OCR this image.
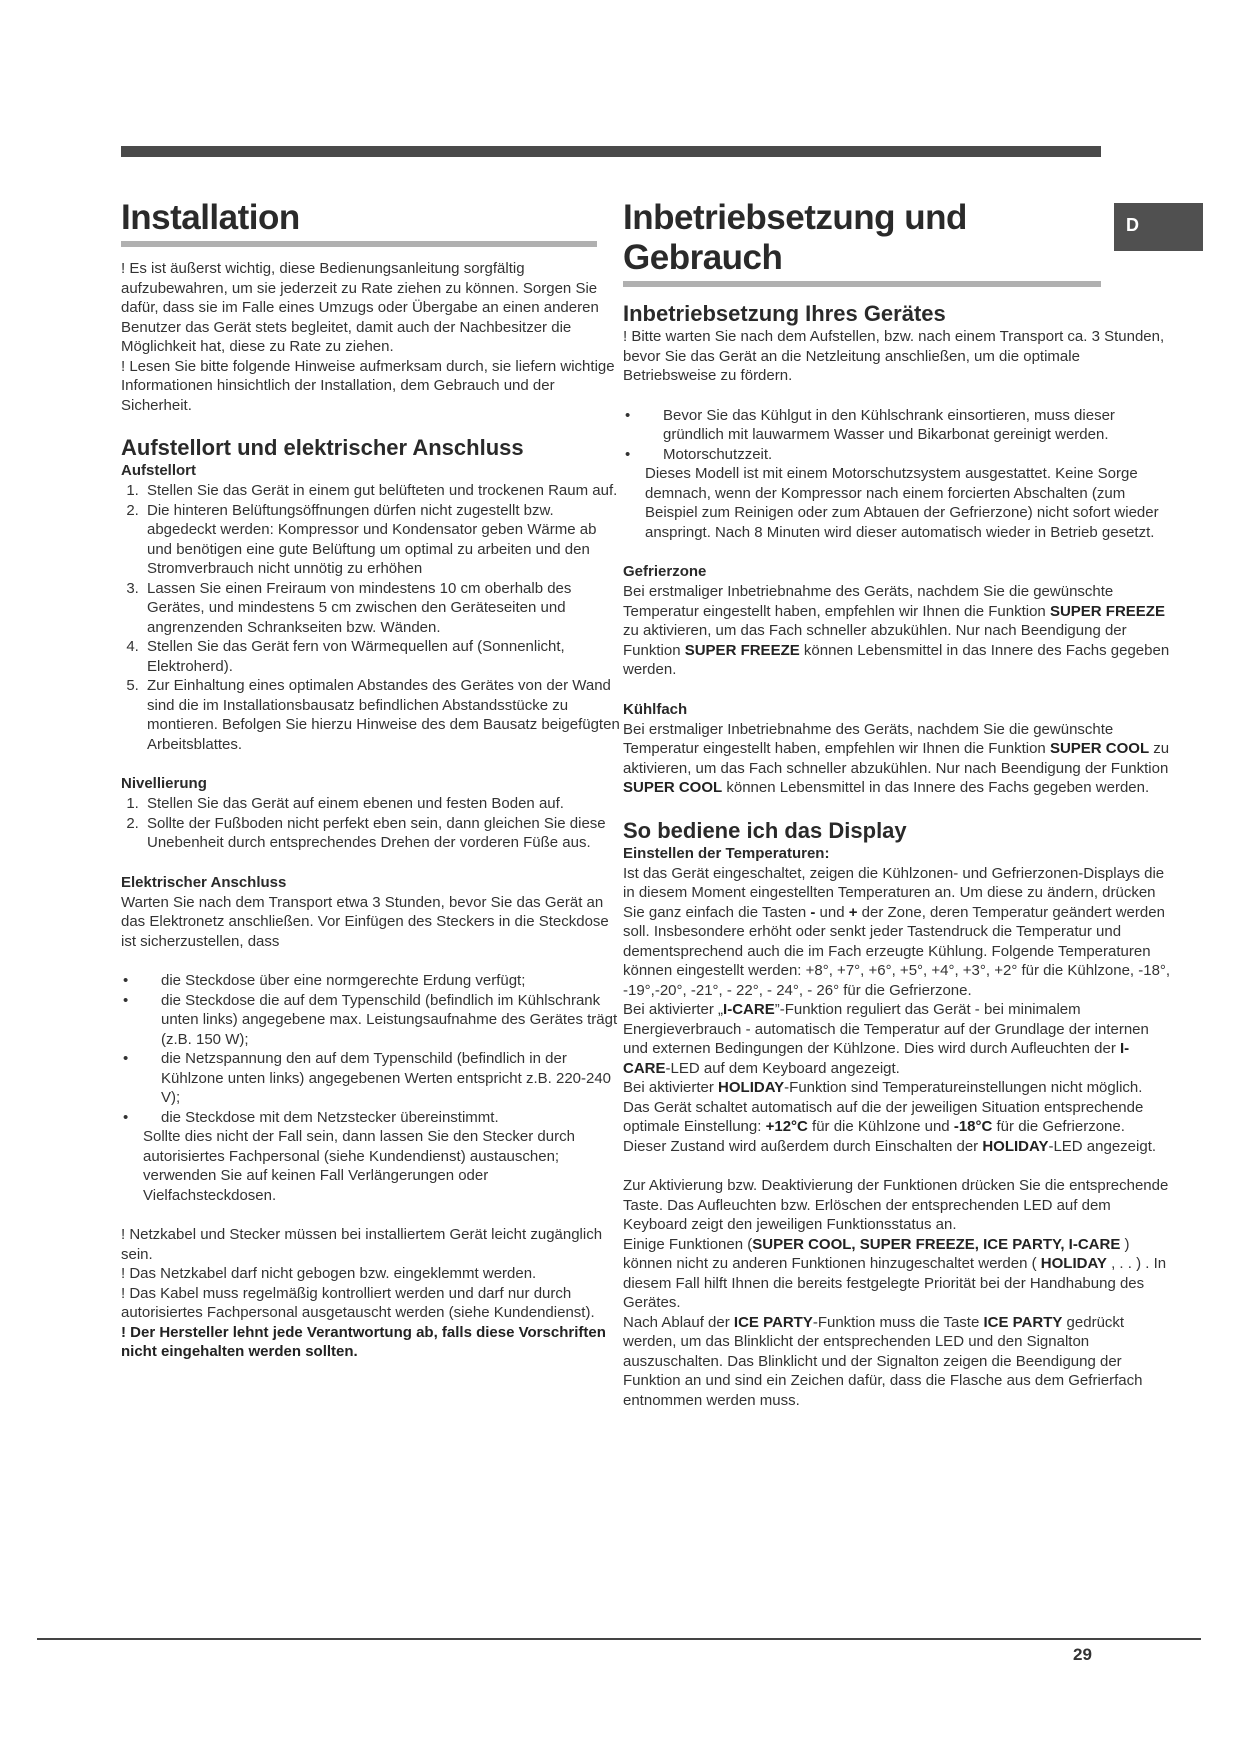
D
Installation

! Es ist äußerst wichtig, diese Bedienungsanleitung sorgfältig aufzubewahren, um sie jederzeit zu Rate ziehen zu können. Sorgen Sie dafür, dass sie im Falle eines Umzugs oder Übergabe an einen anderen Benutzer das Gerät stets begleitet, damit auch der Nachbesitzer die Möglichkeit hat, diese zu Rate zu ziehen.

! Lesen Sie bitte folgende Hinweise aufmerksam durch, sie liefern wichtige Informationen hinsichtlich der Installation, dem Gebrauch und der Sicherheit.

Aufstellort und elektrischer Anschluss
Aufstellort
1. Stellen Sie das Gerät in einem gut belüfteten und trockenen Raum auf.
2. Die hinteren Belüftungsöffnungen dürfen nicht zugestellt bzw. abgedeckt werden: Kompressor und Kondensator geben Wärme ab und benötigen eine gute Belüftung um optimal zu arbeiten und den Stromverbrauch nicht unnötig zu erhöhen
3. Lassen Sie einen Freiraum von mindestens 10 cm oberhalb des Gerätes, und mindestens 5 cm zwischen den Geräteseiten und angrenzenden Schrankseiten bzw. Wänden.
4. Stellen Sie das Gerät fern von Wärmequellen auf (Sonnenlicht, Elektroherd).
5. Zur Einhaltung eines optimalen Abstandes des Gerätes von der Wand sind die im Installationsbausatz befindlichen Abstandsstücke zu montieren. Befolgen Sie hierzu Hinweise des dem Bausatz beigefügten Arbeitsblattes.
Nivellierung
1. Stellen Sie das Gerät auf einem ebenen und festen Boden auf.
2. Sollte der Fußboden nicht perfekt eben sein, dann gleichen Sie diese Unebenheit durch entsprechendes Drehen der vorderen Füße aus.
Elektrischer Anschluss

Warten Sie nach dem Transport etwa 3 Stunden, bevor Sie das Gerät an das Elektronetz anschließen. Vor Einfügen des Steckers in die Steckdose ist sicherzustellen, dass

• die Steckdose über eine normgerechte Erdung verfügt;
• die Steckdose die auf dem Typenschild (befindlich im Kühlschrank unten links) angegebene max. Leistungsaufnahme des Gerätes trägt (z.B. 150 W);
• die Netzspannung den auf dem Typenschild (befindlich in der Kühlzone unten links) angegebenen Werten entspricht z.B. 220-240 V);
• die Steckdose mit dem Netzstecker übereinstimmt.

Sollte dies nicht der Fall sein, dann lassen Sie den Stecker durch autorisiertes Fachpersonal (siehe Kundendienst) austauschen; verwenden Sie auf keinen Fall Verlängerungen oder Vielfachsteckdosen.

! Netzkabel und Stecker müssen bei installiertem Gerät leicht zugänglich sein.

! Das Netzkabel darf nicht gebogen bzw. eingeklemmt werden.

! Das Kabel muss regelmäßig kontrolliert werden und darf nur durch autorisiertes Fachpersonal ausgetauscht werden (siehe Kundendienst).

! Der Hersteller lehnt jede Verantwortung ab, falls diese Vorschriften nicht eingehalten werden sollten.

Inbetriebsetzung und
Gebrauch
Inbetriebsetzung Ihres Gerätes

! Bitte warten Sie nach dem Aufstellen, bzw. nach einem Transport ca. 3 Stunden, bevor Sie das Gerät an die Netzleitung anschließen, um die optimale Betriebsweise zu fördern.

• Bevor Sie das Kühlgut in den Kühlschrank einsortieren, muss dieser gründlich mit lauwarmem Wasser und Bikarbonat gereinigt werden.
• Motorschutzzeit.

Dieses Modell ist mit einem Motorschutzsystem ausgestattet. Keine Sorge demnach, wenn der Kompressor nach einem forcierten Abschalten (zum Beispiel zum Reinigen oder zum Abtauen der Gefrierzone) nicht sofort wieder anspringt. Nach 8 Minuten wird dieser automatisch wieder in Betrieb gesetzt.

Gefrierzone

Bei erstmaliger Inbetriebnahme des Geräts, nachdem Sie die gewünschte Temperatur eingestellt haben, empfehlen wir Ihnen die Funktion SUPER FREEZE zu aktivieren, um das Fach schneller abzukühlen. Nur nach Beendigung der Funktion SUPER FREEZE können Lebensmittel in das Innere des Fachs gegeben werden.

Kühlfach

Bei erstmaliger Inbetriebnahme des Geräts, nachdem Sie die gewünschte Temperatur eingestellt haben, empfehlen wir Ihnen die Funktion SUPER COOL zu aktivieren, um das Fach schneller abzukühlen. Nur nach Beendigung der Funktion SUPER COOL können Lebensmittel in das Innere des Fachs gegeben werden.

So bediene ich das Display
Einstellen der Temperaturen:

Ist das Gerät eingeschaltet, zeigen die Kühlzonen- und Gefrierzonen-Displays die in diesem Moment eingestellten Temperaturen an. Um diese zu ändern, drücken Sie ganz einfach die Tasten - und + der Zone, deren Temperatur geändert werden soll. Insbesondere erhöht oder senkt jeder Tastendruck die Temperatur und dementsprechend auch die im Fach erzeugte Kühlung. Folgende Temperaturen können eingestellt werden: +8°, +7°, +6°, +5°, +4°, +3°, +2° für die Kühlzone, -18°, -19°,-20°, -21°, - 22°, - 24°, - 26° für die Gefrierzone.

Bei aktivierter „I-CARE”-Funktion reguliert das Gerät - bei minimalem Energieverbrauch - automatisch die Temperatur auf der Grundlage der internen und externen Bedingungen der Kühlzone. Dies wird durch Aufleuchten der I-CARE-LED auf dem Keyboard angezeigt.

Bei aktivierter HOLIDAY-Funktion sind Temperatureinstellungen nicht möglich. Das Gerät schaltet automatisch auf die der jeweiligen Situation entsprechende optimale Einstellung: +12°C für die Kühlzone und -18°C für die Gefrierzone. Dieser Zustand wird außerdem durch Einschalten der HOLIDAY-LED angezeigt.

Zur Aktivierung bzw. Deaktivierung der Funktionen drücken Sie die entsprechende Taste. Das Aufleuchten bzw. Erlöschen der entsprechenden LED auf dem Keyboard zeigt den jeweiligen Funktionsstatus an.

Einige Funktionen (SUPER COOL, SUPER FREEZE, ICE PARTY, I-CARE ) können nicht zu anderen Funktionen hinzugeschaltet werden ( HOLIDAY , . . ) . In diesem Fall hilft Ihnen die bereits festgelegte Priorität bei der Handhabung des Gerätes.

Nach Ablauf der ICE PARTY-Funktion muss die Taste ICE PARTY gedrückt werden, um das Blinklicht der entsprechenden LED und den Signalton auszuschalten. Das Blinklicht und der Signalton zeigen die Beendigung der Funktion an und sind ein Zeichen dafür, dass die Flasche aus dem Gefrierfach entnommen werden muss.

29
